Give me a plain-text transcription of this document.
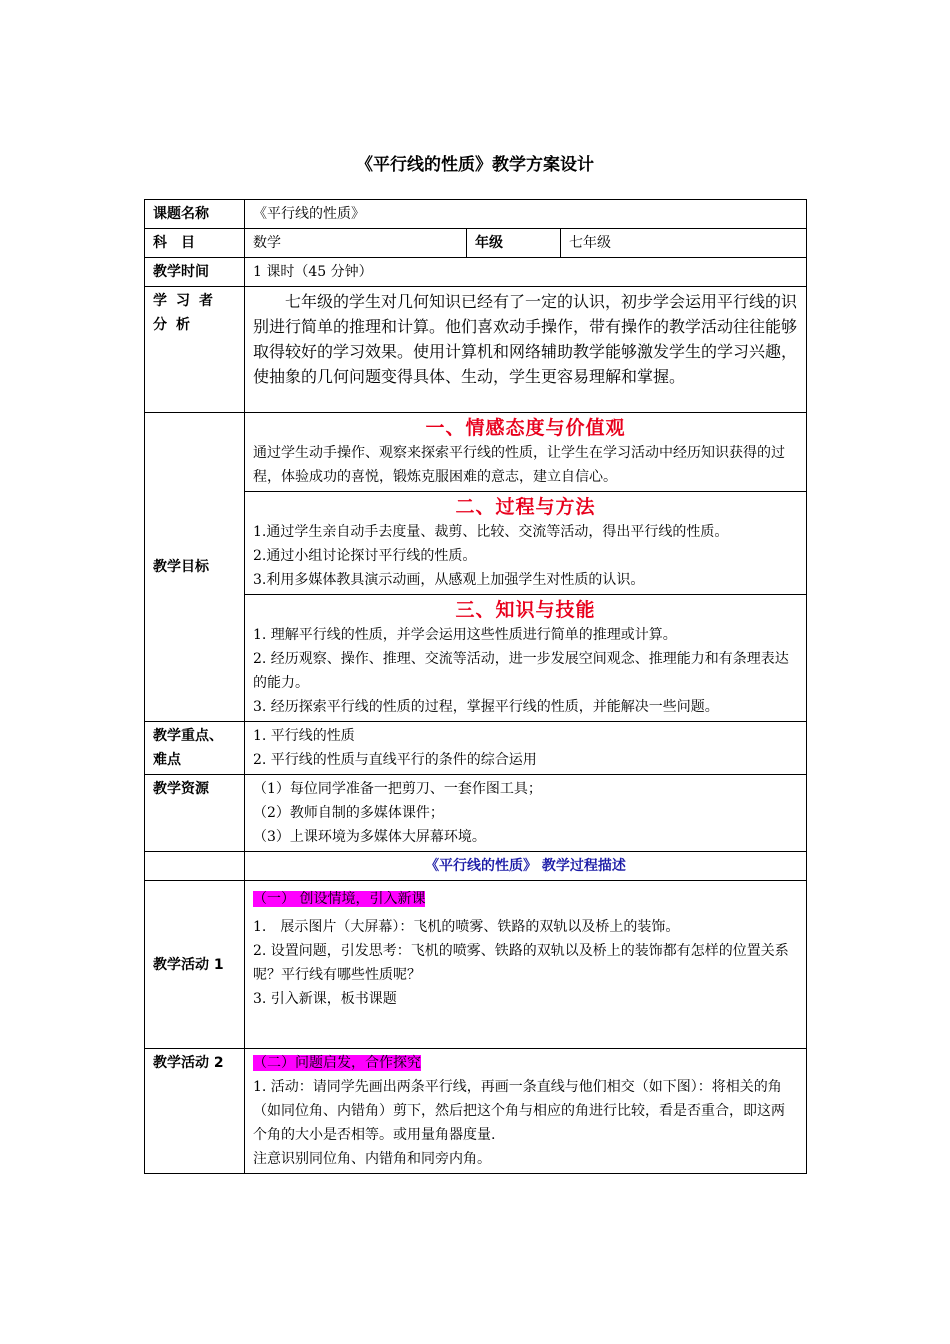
《平行线的性质》教学方案设计
课题名称	《平行线的性质》		
科　目	数学	年级	七年级
教学时间	1 课时（45 分钟）		
学习者分析	七年级的学生对几何知识已经有了一定的认识，初步学会运用平行线的识别进行简单的推理和计算。他们喜欢动手操作，带有操作的教学活动往往能够取得较好的学习效果。使用计算机和网络辅助教学能够激发学生的学习兴趣，使抽象的几何问题变得具体、生动，学生更容易理解和掌握。		

教学目标	一、情感态度与价值观
通过学生动手操作、观察来探索平行线的性质，让学生在学习活动中经历知识获得的过程，体验成功的喜悦，锻炼克服困难的意志，建立自信心。		

	二、过程与方法
1.通过学生亲自动手去度量、裁剪、比较、交流等活动，得出平行线的性质。
2.通过小组讨论探讨平行线的性质。
3.利用多媒体教具演示动画，从感观上加强学生对性质的认识。		

	三、知识与技能
1. 理解平行线的性质，并学会运用这些性质进行简单的推理或计算。
2. 经历观察、操作、推理、交流等活动，进一步发展空间观念、推理能力和有条理表达的能力。
3. 经历探索平行线的性质的过程，掌握平行线的性质，并能解决一些问题。		

教学重点、难点	1. 平行线的性质
2. 平行线的性质与直线平行的条件的综合运用		

教学资源	（1）每位同学准备一把剪刀、一套作图工具；
（2）教师自制的多媒体课件；
（3）上课环境为多媒体大屏幕环境。		

	《平行线的性质》 教学过程描述		
教学活动 1	（一） 创设情境，引入新课
1.　展示图片（大屏幕）：飞机的喷雾、铁路的双轨以及桥上的装饰。
2. 设置问题，引发思考：飞机的喷雾、铁路的双轨以及桥上的装饰都有怎样的位置关系呢？平行线有哪些性质呢？
3. 引入新课，板书课题		

教学活动 2	（二）问题启发，合作探究
1. 活动：请同学先画出两条平行线，再画一条直线与他们相交（如下图）：将相关的角（如同位角、内错角）剪下，然后把这个角与相应的角进行比较，看是否重合，即这两个角的大小是否相等。或用量角器度量.
注意识别同位角、内错角和同旁内角。		
